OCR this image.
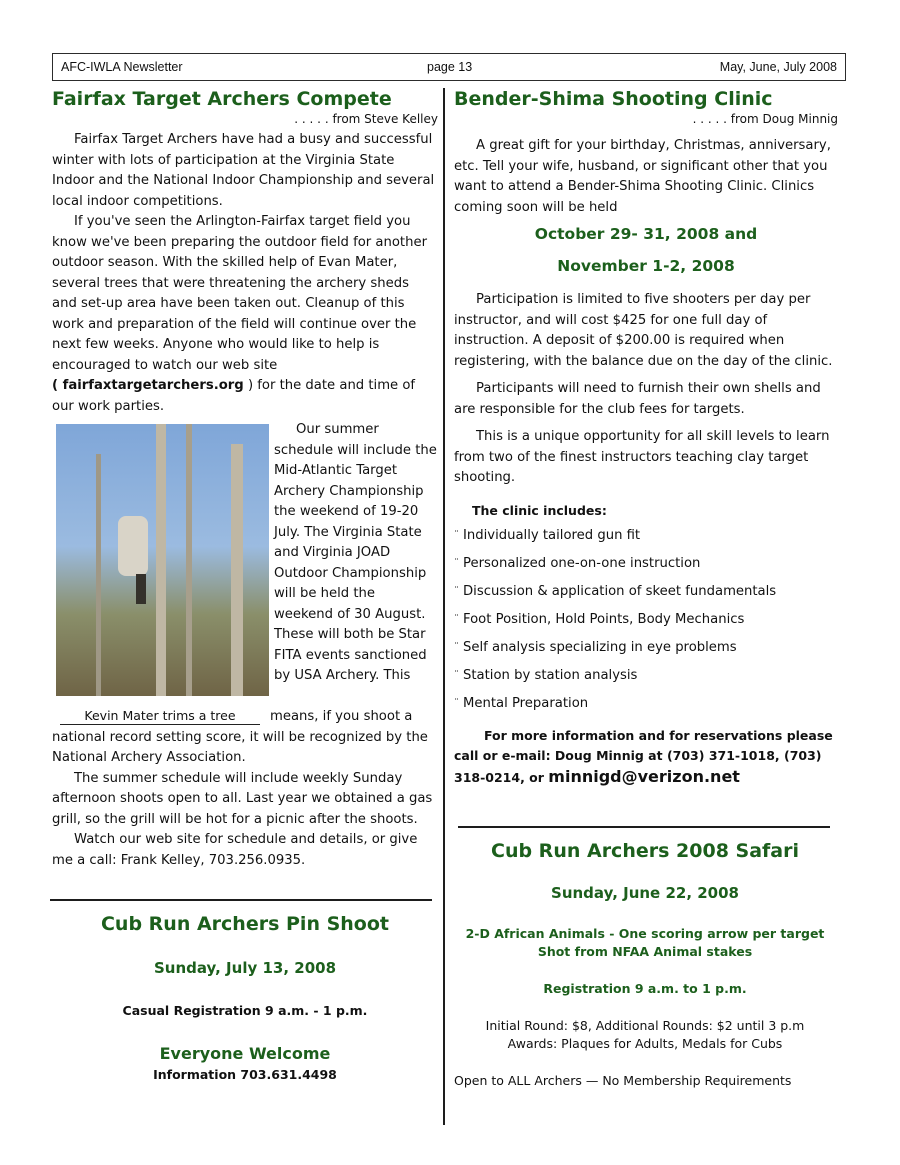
AFC-IWLA Newsletter	page 13	May, June, July 2008
Fairfax Target Archers Compete
. . . . . from Steve Kelley

Fairfax Target Archers have had a busy and successful winter with lots of participation at the Virginia State Indoor and the National Indoor Championship and several local indoor competitions.

If you've seen the Arlington-Fairfax target field you know we've been preparing the outdoor field for another outdoor season. With the skilled help of Evan Mater, several trees that were threatening the archery sheds and set-up area have been taken out. Cleanup of this work and preparation of the field will continue over the next few weeks. Anyone who would like to help is encouraged to watch our web site
( fairfaxtargetarchers.org ) for the date and time of our work parties.

Kevin Mater trims a tree

Our summer schedule will include the Mid-Atlantic Target Archery Championship the weekend of 19-20 July. The Virginia State and Virginia JOAD Outdoor Championship will be held the weekend of 30 August. These will both be Star FITA events sanctioned by USA Archery. This

means, if you shoot a national record setting score, it will be recognized by the National Archery Association.

The summer schedule will include weekly Sunday afternoon shoots open to all. Last year we obtained a gas grill, so the grill will be hot for a picnic after the shoots.

Watch our web site for schedule and details, or give me a call: Frank Kelley, 703.256.0935.

Cub Run Archers Pin Shoot
Sunday, July 13, 2008
Casual Registration 9 a.m. - 1 p.m.
Everyone Welcome
Information 703.631.4498
Bender-Shima Shooting Clinic
. . . . . from Doug Minnig

A great gift for your birthday, Christmas, anniversary, etc. Tell your wife, husband, or significant other that you want to attend a Bender-Shima Shooting Clinic. Clinics coming soon will be held

October 29- 31, 2008 and
November 1-2, 2008

Participation is limited to five shooters per day per instructor, and will cost $425 for one full day of instruction. A deposit of $200.00 is required when registering, with the balance due on the day of the clinic.

Participants will need to furnish their own shells and are responsible for the club fees for targets.

This is a unique opportunity for all skill levels to learn from two of the finest instructors teaching clay target shooting.

The clinic includes:
¨ Individually tailored gun fit
¨ Personalized one-on-one instruction
¨ Discussion & application of skeet fundamentals
¨ Foot Position, Hold Points, Body Mechanics
¨ Self analysis specializing in eye problems
¨ Station by station analysis
¨ Mental Preparation

For more information and for reservations please call or e-mail: Doug Minnig at (703) 371-1018, (703) 318-0214, or minnigd@verizon.net

Cub Run Archers 2008 Safari
Sunday, June 22, 2008
2-D African Animals - One scoring arrow per target
Shot from NFAA Animal stakes
Registration 9 a.m. to 1 p.m.
Initial Round: $8, Additional Rounds: $2 until 3 p.m
Awards: Plaques for Adults, Medals for Cubs
Open to ALL Archers — No Membership Requirements
